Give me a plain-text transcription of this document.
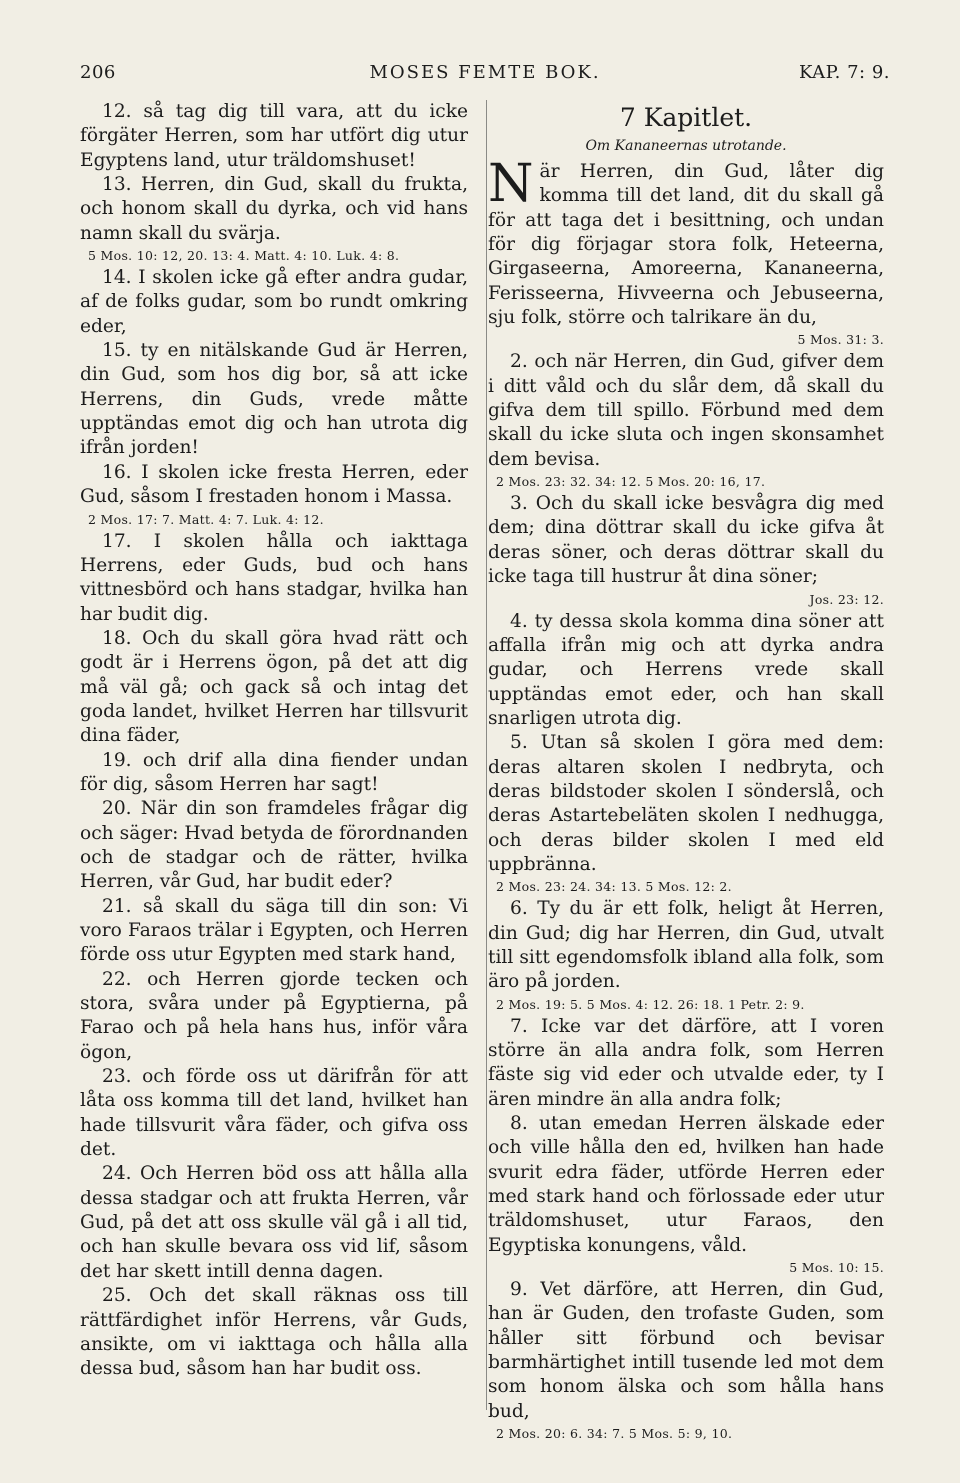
206	MOSES FEMTE BOK.	KAP. 7: 9.

12. så tag dig till vara, att du icke förgäter Herren, som har utfört dig utur Egyptens land, utur träldomshuset!

13. Herren, din Gud, skall du frukta, och honom skall du dyrka, och vid hans namn skall du svärja.

5 Mos. 10: 12, 20. 13: 4. Matt. 4: 10. Luk. 4: 8.

14. I skolen icke gå efter andra gudar, af de folks gudar, som bo rundt omkring eder,

15. ty en nitälskande Gud är Herren, din Gud, som hos dig bor, så att icke Herrens, din Guds, vrede måtte upptändas emot dig och han utrota dig ifrån jorden!

16. I skolen icke fresta Herren, eder Gud, såsom I frestaden honom i Massa.

2 Mos. 17: 7. Matt. 4: 7. Luk. 4: 12.

17. I skolen hålla och iakttaga Herrens, eder Guds, bud och hans vittnesbörd och hans stadgar, hvilka han har budit dig.

18. Och du skall göra hvad rätt och godt är i Herrens ögon, på det att dig må väl gå; och gack så och intag det goda landet, hvilket Herren har tillsvurit dina fäder,

19. och drif alla dina fiender undan för dig, såsom Herren har sagt!

20. När din son framdeles frågar dig och säger: Hvad betyda de förordnanden och de stadgar och de rätter, hvilka Herren, vår Gud, har budit eder?

21. så skall du säga till din son: Vi voro Faraos trälar i Egypten, och Herren förde oss utur Egypten med stark hand,

22. och Herren gjorde tecken och stora, svåra under på Egyptierna, på Farao och på hela hans hus, inför våra ögon,

23. och förde oss ut därifrån för att låta oss komma till det land, hvilket han hade tillsvurit våra fäder, och gifva oss det.

24. Och Herren böd oss att hålla alla dessa stadgar och att frukta Herren, vår Gud, på det att oss skulle väl gå i all tid, och han skulle bevara oss vid lif, såsom det har skett intill denna dagen.

25. Och det skall räknas oss till rättfärdighet inför Herrens, vår Guds, ansikte, om vi iakttaga och hålla alla dessa bud, såsom han har budit oss.

7 Kapitlet.
Om Kananeernas utrotande.

När Herren, din Gud, låter dig komma till det land, dit du skall gå för att taga det i besittning, och undan för dig förjagar stora folk, Heteerna, Girgaseerna, Amoreerna, Kananeerna, Ferisseerna, Hivveerna och Jebuseerna, sju folk, större och talrikare än du,

5 Mos. 31: 3.

2. och när Herren, din Gud, gifver dem i ditt våld och du slår dem, då skall du gifva dem till spillo. Förbund med dem skall du icke sluta och ingen skonsamhet dem bevisa.

2 Mos. 23: 32. 34: 12. 5 Mos. 20: 16, 17.

3. Och du skall icke besvågra dig med dem; dina döttrar skall du icke gifva åt deras söner, och deras döttrar skall du icke taga till hustrur åt dina söner;

Jos. 23: 12.

4. ty dessa skola komma dina söner att affalla ifrån mig och att dyrka andra gudar, och Herrens vrede skall upptändas emot eder, och han skall snarligen utrota dig.

5. Utan så skolen I göra med dem: deras altaren skolen I nedbryta, och deras bildstoder skolen I sönderslå, och deras Astartebeläten skolen I nedhugga, och deras bilder skolen I med eld uppbränna.

2 Mos. 23: 24. 34: 13. 5 Mos. 12: 2.

6. Ty du är ett folk, heligt åt Herren, din Gud; dig har Herren, din Gud, utvalt till sitt egendomsfolk ibland alla folk, som äro på jorden.

2 Mos. 19: 5. 5 Mos. 4: 12. 26: 18. 1 Petr. 2: 9.

7. Icke var det därföre, att I voren större än alla andra folk, som Herren fäste sig vid eder och utvalde eder, ty I ären mindre än alla andra folk;

8. utan emedan Herren älskade eder och ville hålla den ed, hvilken han hade svurit edra fäder, utförde Herren eder med stark hand och förlossade eder utur träldomshuset, utur Faraos, den Egyptiska konungens, våld.

5 Mos. 10: 15.

9. Vet därföre, att Herren, din Gud, han är Guden, den trofaste Guden, som håller sitt förbund och bevisar barmhärtighet intill tusende led mot dem som honom älska och som hålla hans bud,

2 Mos. 20: 6. 34: 7. 5 Mos. 5: 9, 10.
